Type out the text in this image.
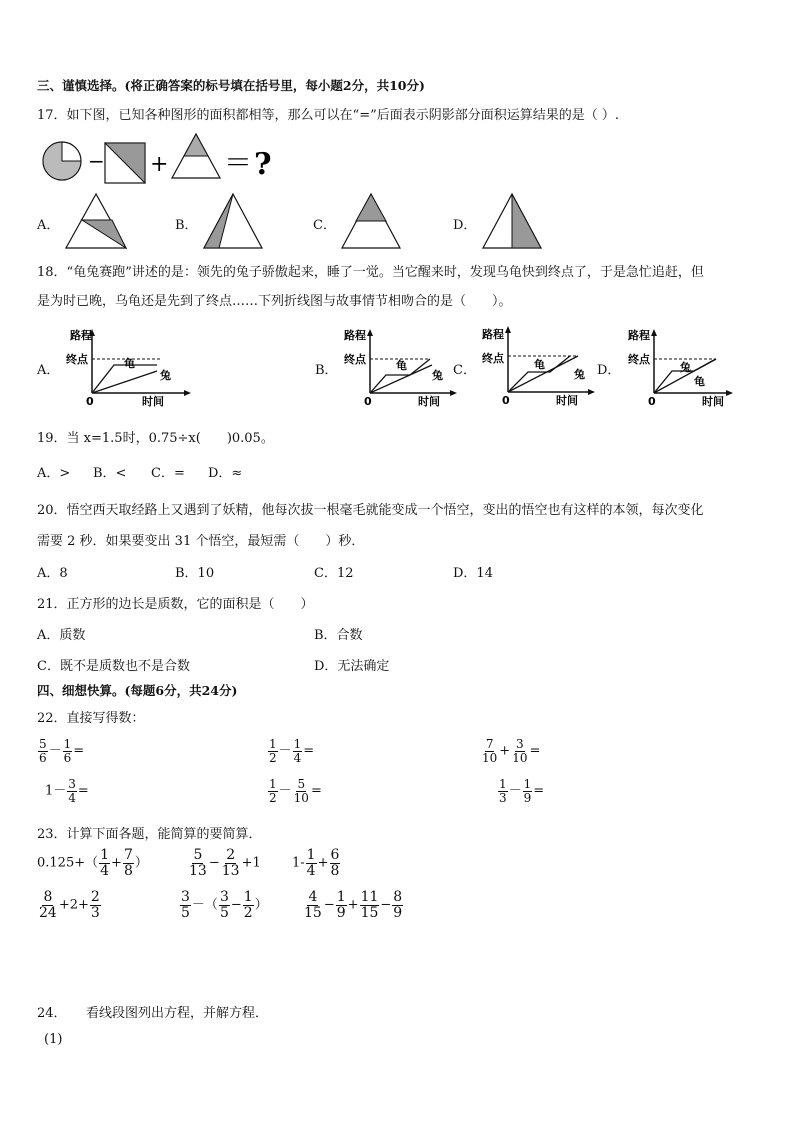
三、谨慎选择。(将正确答案的标号填在括号里，每小题2分，共10分)
17．如下图，已知各种图形的面积都相等，那么可以在“=”后面表示阴影部分面积运算结果的是（ ）.
− + ＝ ?
A．	B．	C．	D．
18．“龟兔赛跑”讲述的是：领先的兔子骄傲起来，睡了一觉。当它醒来时，发现乌龟快到终点了，于是急忙追赶，但
是为时已晚，乌龟还是先到了终点……下列折线图与故事情节相吻合的是（　　）。
A．
路程
终点
0	时间
龟
兔	B．
路程
终点
0	时间
龟
兔 C．
路程
终点
0	时间
龟
兔 D．
路程
终点
0	时间
兔
龟
19．当 x=1.5时，0.75÷x(　　)0.05。
A．> B．< C．= D．≈
20．悟空西天取经路上又遇到了妖精，他每次拔一根毫毛就能变成一个悟空，变出的悟空也有这样的本领，每次变化
需要 2 秒．如果要变出 31 个悟空，最短需（　　）秒．
A．8	B．10	C．12	D．14
21．正方形的边长是质数，它的面积是（　　）
A．质数	B．合数
C．既不是质数也不是合数	D．无法确定
四、细想快算。(每题6分，共24分)
22．直接写得数：
$\frac{5}{6} - \frac{1}{6}$ =	$\frac{1}{2} - \frac{1}{4}$ =	$\frac{7}{10} + \frac{3}{10}$ =
$1- \frac{3}{4}$ =	$\frac{1}{2} - \frac{5}{10}$ =	$\frac{1}{3} - \frac{1}{9}$ =
23．计算下面各题，能简算的要简算．
$0.125+( \frac{1}{4} + \frac{7}{8}$ ）	$\frac{5}{13} - \frac{2}{13} +1$ $1- \frac{1}{4} + \frac{6}{8}$
$\frac{8}{24} +2+ \frac{2}{3}$	$\frac{3}{5}$ －（ $\frac{3}{5} - \frac{1}{2}$ ）	$\frac{4}{15} - \frac{1}{9} + \frac{11}{15} - \frac{8}{9}$
24．　　看线段图列出方程，并解方程．
(1)
